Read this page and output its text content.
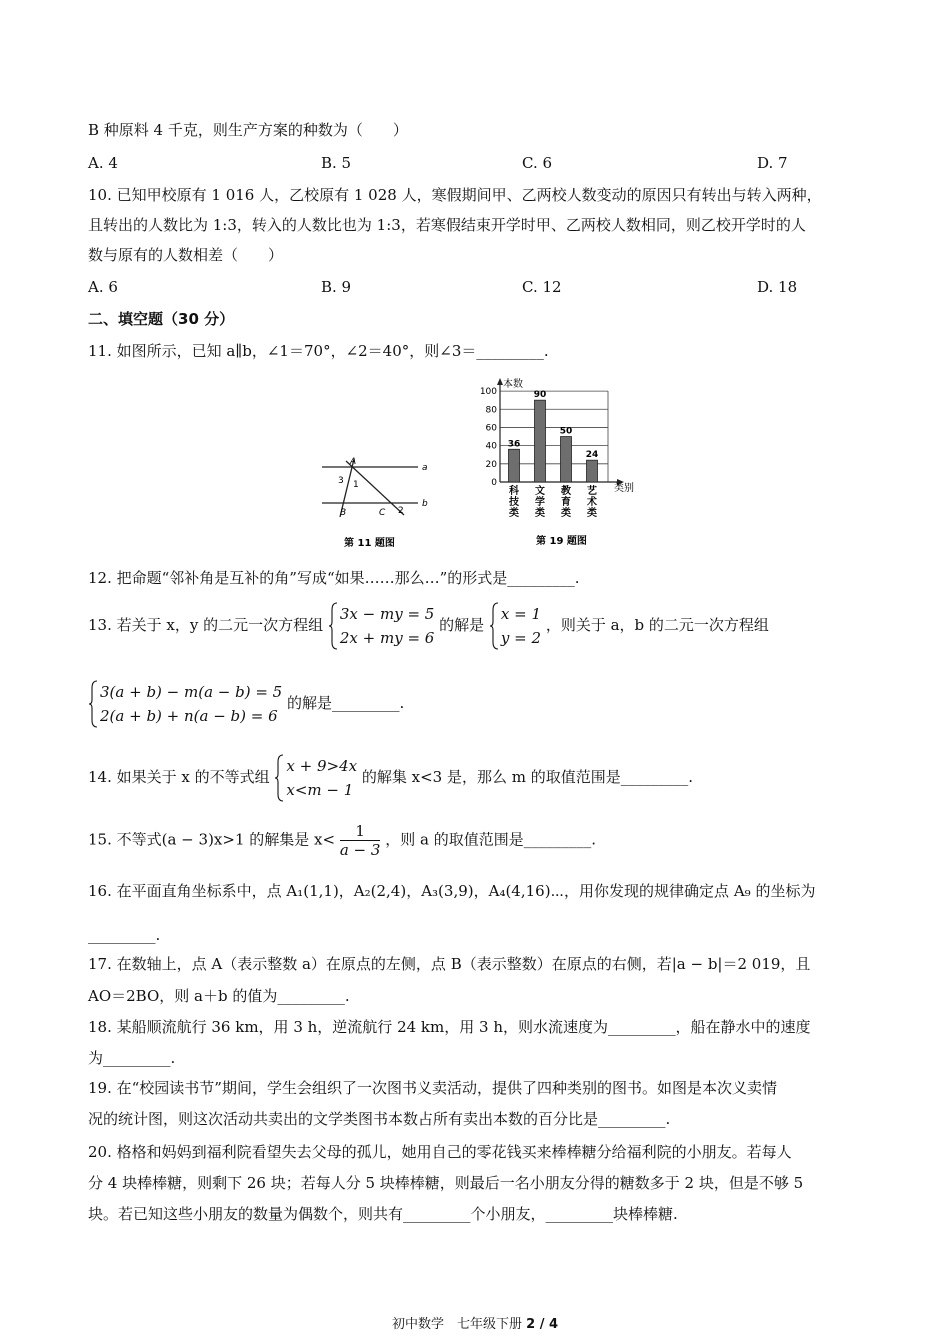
B 种原料 4 千克，则生产方案的种数为（　　）
A. 4	B. 5	C. 6	D. 7
10. 已知甲校原有 1 016 人，乙校原有 1 028 人，寒假期间甲、乙两校人数变动的原因只有转出与转入两种，
且转出的人数比为 1:3，转入的人数比也为 1:3，若寒假结束开学时甲、乙两校人数相同，则乙校开学时的人
数与原有的人数相差（　　）
A. 6	B. 9	C. 12	D. 18
二、填空题（30 分）
11. 如图所示，已知 a∥b，∠1＝70°，∠2＝40°，则∠3＝_________.
A
a
3 1
b
B	C 2
第 11 题图
本数
类别
0
20
40
60
80
100
36
90
50
24
科
技
类
文
学
类
教
育
类
艺
术
类
第 19 题图
12. 把命题“邻补角是互补的角”写成“如果……那么…”的形式是_________.
13. 若关于 x，y 的二元一次方程组
3x − my = 5
2x + my = 6
的解是
x = 1
y = 2
，则关于 a，b 的二元一次方程组
3(a + b) − m(a − b) = 5
2(a + b) + n(a − b) = 6
的解是_________.
14. 如果关于 x 的不等式组
x + 9>4x
x<m − 1
的解集 x<3 是，那么 m 的取值范围是_________.
15. 不等式(a − 3)x>1 的解集是 $x< \frac{1}{a - 3}$ ，则 a 的取值范围是_________.
16. 在平面直角坐标系中，点 A₁(1,1)，A₂(2,4)，A₃(3,9)，A₄(4,16)⋯，用你发现的规律确定点 A₉ 的坐标为
_________.
17. 在数轴上，点 A（表示整数 a）在原点的左侧，点 B（表示整数）在原点的右侧，若|a − b|＝2 019，且
AO＝2BO，则 a＋b 的值为_________.
18. 某船顺流航行 36 km，用 3 h，逆流航行 24 km，用 3 h，则水流速度为_________，船在静水中的速度
为_________.
19. 在“校园读书节”期间，学生会组织了一次图书义卖活动，提供了四种类别的图书。如图是本次义卖情
况的统计图，则这次活动共卖出的文学类图书本数占所有卖出本数的百分比是_________.
20. 格格和妈妈到福利院看望失去父母的孤儿，她用自己的零花钱买来棒棒糖分给福利院的小朋友。若每人
分 4 块棒棒糖，则剩下 26 块；若每人分 5 块棒棒糖，则最后一名小朋友分得的糖数多于 2 块，但是不够 5
块。若已知这些小朋友的数量为偶数个，则共有_________个小朋友，_________块棒棒糖.
初中数学　七年级下册 2 / 4
